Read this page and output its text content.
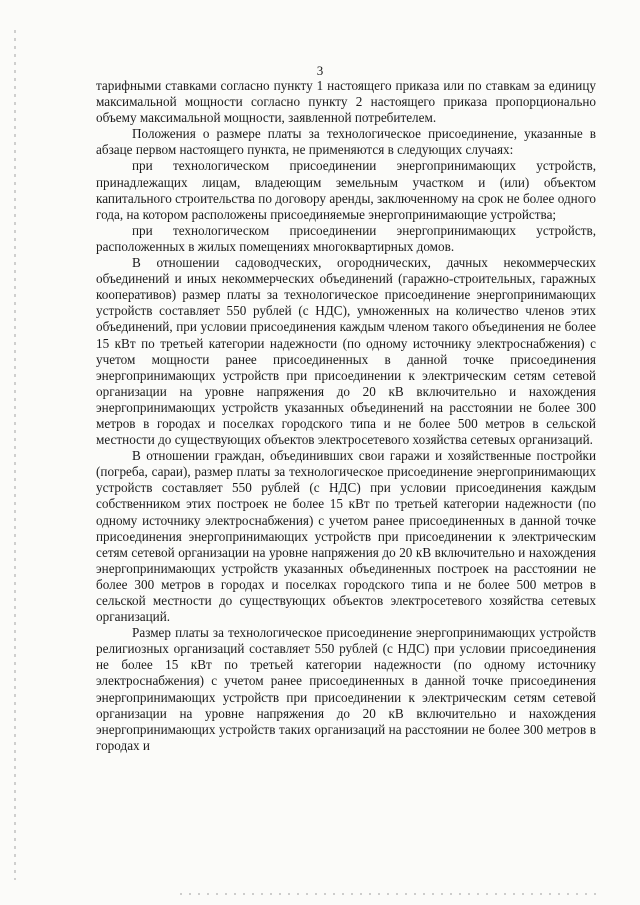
3

тарифными ставками согласно пункту 1 настоящего приказа или по ставкам за единицу максимальной мощности согласно пункту 2 настоящего приказа пропорционально объему максимальной мощности, заявленной потребителем.

Положения о размере платы за технологическое присоединение, указанные в абзаце первом настоящего пункта, не применяются в следующих случаях:

при технологическом присоединении энергопринимающих устройств, принадлежащих лицам, владеющим земельным участком и (или) объектом капитального строительства по договору аренды, заключенному на срок не более одного года, на котором расположены присоединяемые энергопринимающие устройства;

при технологическом присоединении энергопринимающих устройств, расположенных в жилых помещениях многоквартирных домов.

В отношении садоводческих, огороднических, дачных некоммерческих объединений и иных некоммерческих объединений (гаражно-строительных, гаражных кооперативов) размер платы за технологическое присоединение энергопринимающих устройств составляет 550 рублей (с НДС), умноженных на количество членов этих объединений, при условии присоединения каждым членом такого объединения не более 15 кВт по третьей категории надежности (по одному источнику электроснабжения) с учетом мощности ранее присоединенных в данной точке присоединения энергопринимающих устройств при присоединении к электрическим сетям сетевой организации на уровне напряжения до 20 кВ включительно и нахождения энергопринимающих устройств указанных объединений на расстоянии не более 300 метров в городах и поселках городского типа и не более 500 метров в сельской местности до существующих объектов электросетевого хозяйства сетевых организаций.

В отношении граждан, объединивших свои гаражи и хозяйственные постройки (погреба, сараи), размер платы за технологическое присоединение энергопринимающих устройств составляет 550 рублей (с НДС) при условии присоединения каждым собственником этих построек не более 15 кВт по третьей категории надежности (по одному источнику электроснабжения) с учетом ранее присоединенных в данной точке присоединения энергопринимающих устройств при присоединении к электрическим сетям сетевой организации на уровне напряжения до 20 кВ включительно и нахождения энергопринимающих устройств указанных объединенных построек на расстоянии не более 300 метров в городах и поселках городского типа и не более 500 метров в сельской местности до существующих объектов электросетевого хозяйства сетевых организаций.

Размер платы за технологическое присоединение энергопринимающих устройств религиозных организаций составляет 550 рублей (с НДС) при условии присоединения не более 15 кВт по третьей категории надежности (по одному источнику электроснабжения) с учетом ранее присоединенных в данной точке присоединения энергопринимающих устройств при присоединении к электрическим сетям сетевой организации на уровне напряжения до 20 кВ включительно и нахождения энергопринимающих устройств таких организаций на расстоянии не более 300 метров в городах и
